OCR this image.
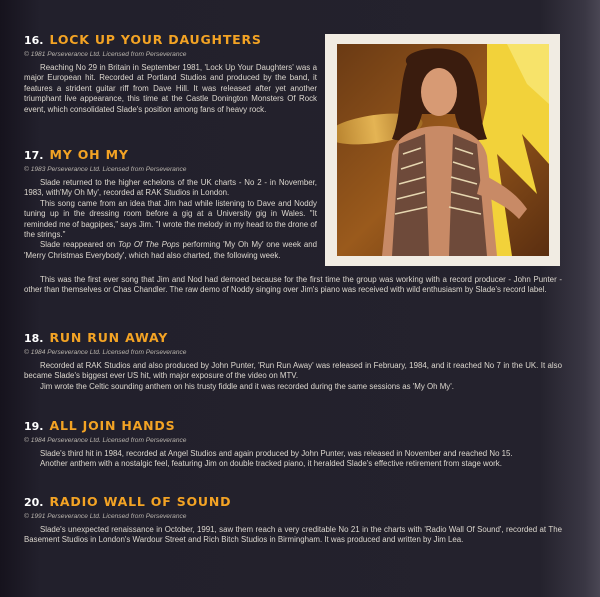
16. LOCK UP YOUR DAUGHTERS
© 1981 Perseverance Ltd. Licensed from Perseverance

Reaching No 29 in Britain in September 1981, 'Lock Up Your Daughters' was a major European hit. Recorded at Portland Studios and produced by the band, it features a strident guitar riff from Dave Hill. It was released after yet another triumphant live appearance, this time at the Castle Donington Monsters Of Rock event, which consolidated Slade's position among fans of heavy rock.

17. MY OH MY
© 1983 Perseverance Ltd. Licensed from Perseverance

Slade returned to the higher echelons of the UK charts - No 2 - in November, 1983, with'My Oh My', recorded at RAK Studios in London.

This song came from an idea that Jim had while listening to Dave and Noddy tuning up in the dressing room before a gig at a University gig in Wales. "It reminded me of bagpipes," says Jim. "I wrote the melody in my head to the drone of the strings."

Slade reappeared on Top Of The Pops performing 'My Oh My' one week and 'Merry Christmas Everybody', which had also charted, the following week.

This was the first ever song that Jim and Nod had demoed because for the first time the group was working with a record producer - John Punter - other than themselves or Chas Chandler. The raw demo of Noddy singing over Jim's piano was received with wild enthusiasm by Slade's record label.

18. RUN RUN AWAY
© 1984 Perseverance Ltd. Licensed from Perseverance

Recorded at RAK Studios and also produced by John Punter, 'Run Run Away' was released in February, 1984, and it reached No 7 in the UK. It also became Slade's biggest ever US hit, with major exposure of the video on MTV.

Jim wrote the Celtic sounding anthem on his trusty fiddle and it was recorded during the same sessions as 'My Oh My'.

19. ALL JOIN HANDS
© 1984 Perseverance Ltd. Licensed from Perseverance

Slade's third hit in 1984, recorded at Angel Studios and again produced by John Punter, was released in November and reached No 15.

Another anthem with a nostalgic feel, featuring Jim on double tracked piano, it heralded Slade's effective retirement from stage work.

20. RADIO WALL OF SOUND
© 1991 Perseverance Ltd. Licensed from Perseverance

Slade's unexpected renaissance in October, 1991, saw them reach a very creditable No 21 in the charts with 'Radio Wall Of Sound', recorded at The Basement Studios in London's Wardour Street and Rich Bitch Studios in Birmingham. It was produced and written by Jim Lea.
